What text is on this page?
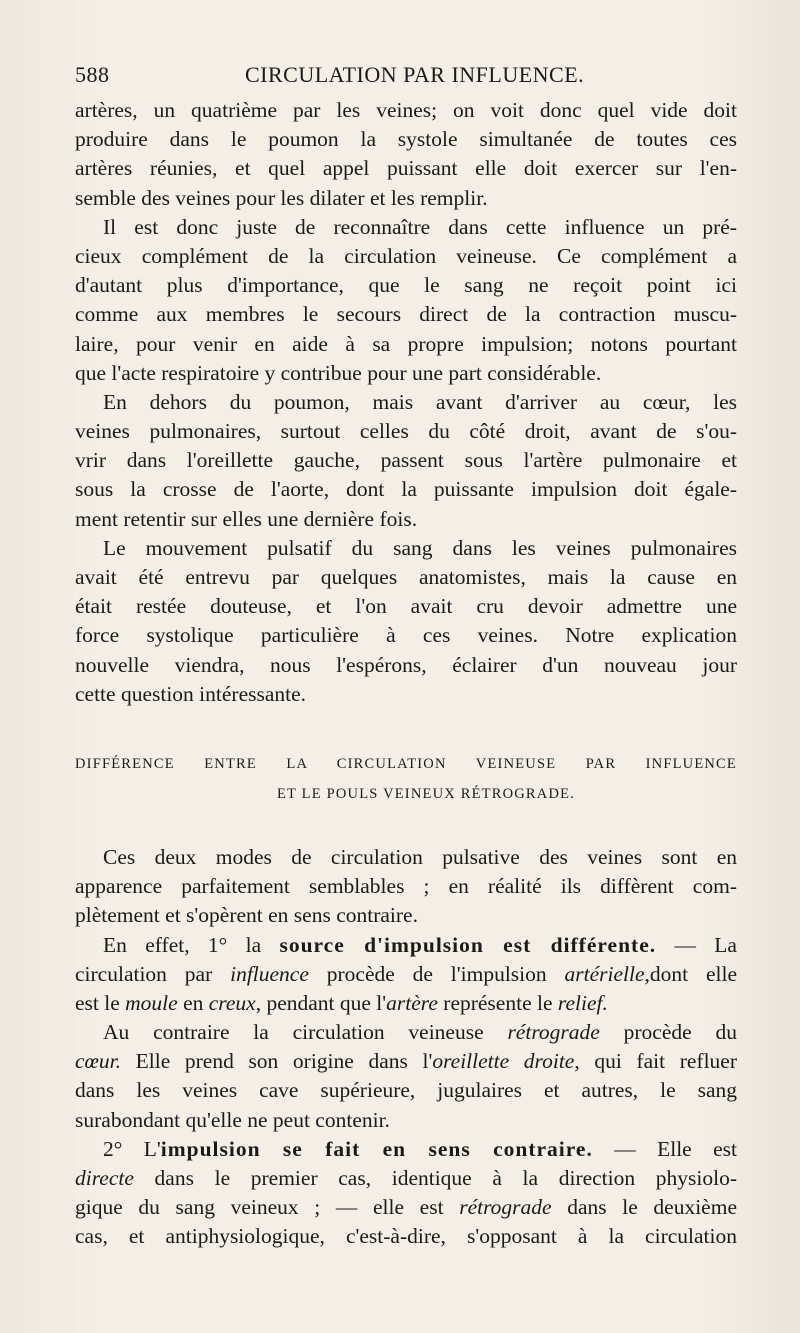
588	CIRCULATION PAR INFLUENCE.
artères, un quatrième par les veines; on voit donc quel vide doit
produire dans le poumon la systole simultanée de toutes ces
artères réunies, et quel appel puissant elle doit exercer sur l'en-
semble des veines pour les dilater et les remplir.
Il est donc juste de reconnaître dans cette influence un pré-
cieux complément de la circulation veineuse. Ce complément a
d'autant plus d'importance, que le sang ne reçoit point ici
comme aux membres le secours direct de la contraction muscu-
laire, pour venir en aide à sa propre impulsion; notons pourtant
que l'acte respiratoire y contribue pour une part considérable.
En dehors du poumon, mais avant d'arriver au cœur, les
veines pulmonaires, surtout celles du côté droit, avant de s'ou-
vrir dans l'oreillette gauche, passent sous l'artère pulmonaire et
sous la crosse de l'aorte, dont la puissante impulsion doit égale-
ment retentir sur elles une dernière fois.
Le mouvement pulsatif du sang dans les veines pulmonaires
avait été entrevu par quelques anatomistes, mais la cause en
était restée douteuse, et l'on avait cru devoir admettre une
force systolique particulière à ces veines. Notre explication
nouvelle viendra, nous l'espérons, éclairer d'un nouveau jour
cette question intéressante.
DIFFÉRENCE ENTRE LA CIRCULATION VEINEUSE PAR INFLUENCE
ET LE POULS VEINEUX RÉTROGRADE.
Ces deux modes de circulation pulsative des veines sont en
apparence parfaitement semblables ; en réalité ils diffèrent com-
plètement et s'opèrent en sens contraire.
En effet, 1° la source d'impulsion est différente. — La
circulation par influence procède de l'impulsion artérielle,dont elle
est le moule en creux, pendant que l'artère représente le relief.
Au contraire la circulation veineuse rétrograde procède du
cœur. Elle prend son origine dans l'oreillette droite, qui fait refluer
dans les veines cave supérieure, jugulaires et autres, le sang
surabondant qu'elle ne peut contenir.
2° L'impulsion se fait en sens contraire. — Elle est
directe dans le premier cas, identique à la direction physiolo-
gique du sang veineux ; — elle est rétrograde dans le deuxième
cas, et antiphysiologique, c'est-à-dire, s'opposant à la circulation
